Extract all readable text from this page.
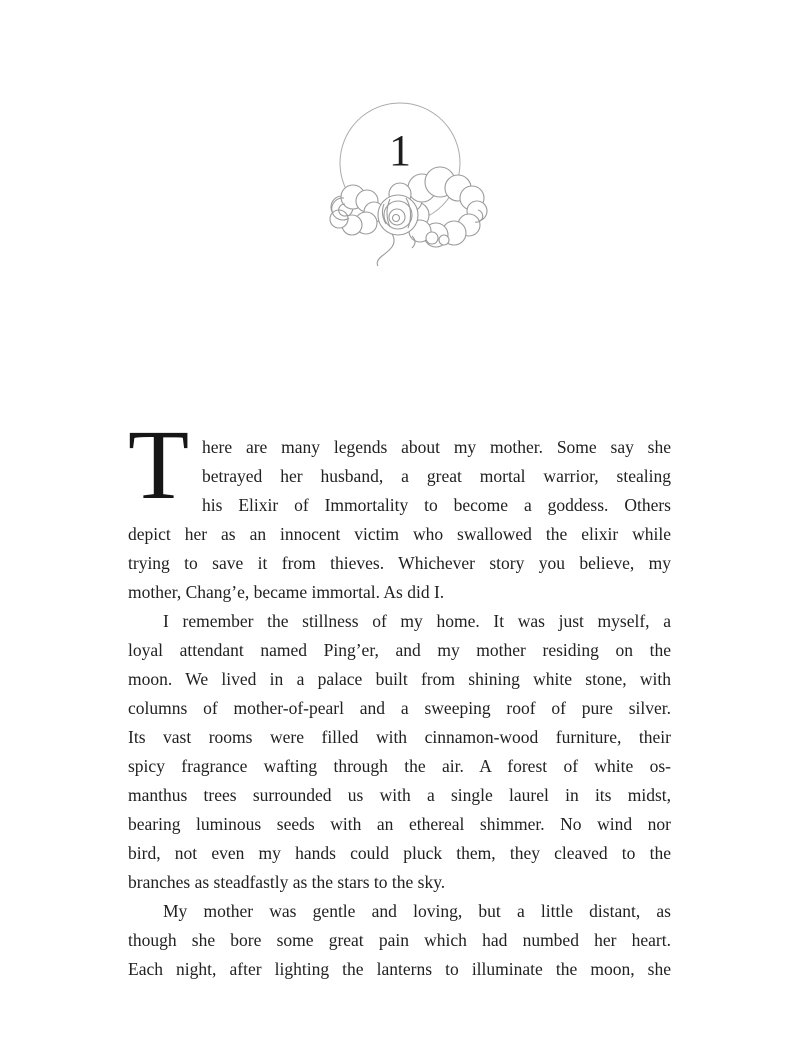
1
T here are many legends about my mother. Some say she
betrayed her husband, a great mortal warrior, stealing
his Elixir of Immortality to become a goddess. Others
depict her as an innocent victim who swallowed the elixir while
trying to save it from thieves. Whichever story you believe, my
mother, Chang’e, became immortal. As did I.
I remember the stillness of my home. It was just myself, a
loyal attendant named Ping’er, and my mother residing on the
moon. We lived in a palace built from shining white stone, with
columns of mother-of-pearl and a sweeping roof of pure silver.
Its vast rooms were filled with cinnamon-wood furniture, their
spicy fragrance wafting through the air. A forest of white os-
manthus trees surrounded us with a single laurel in its midst,
bearing luminous seeds with an ethereal shimmer. No wind nor
bird, not even my hands could pluck them, they cleaved to the
branches as steadfastly as the stars to the sky.
My mother was gentle and loving, but a little distant, as
though she bore some great pain which had numbed her heart.
Each night, after lighting the lanterns to illuminate the moon, she
